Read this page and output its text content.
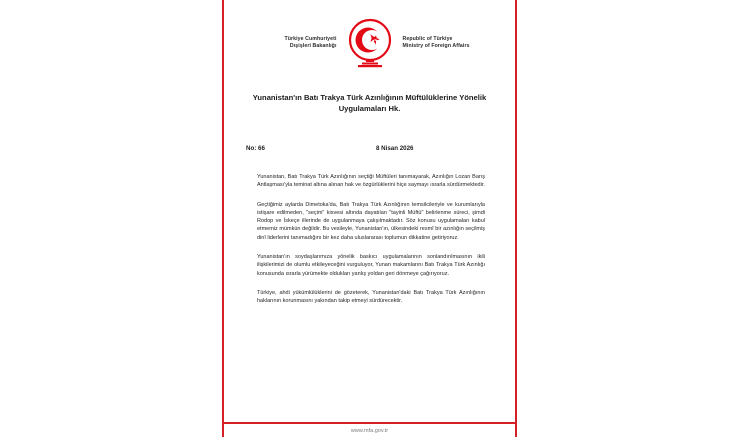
Türkiye Cumhuriyeti
Dışişleri Bakanlığı
Republic of Türkiye
Ministry of Foreign Affairs
Yunanistan'ın Batı Trakya Türk Azınlığının Müftülüklerine Yönelik Uygulamaları Hk.
No: 66	8 Nisan 2026

Yunanistan, Batı Trakya Türk Azınlığının seçtiği Müftüleri tanımayarak, Azınlığın Lozan Barış Antlaşması'yla teminat altına alınan hak ve özgürlüklerini hiçe saymayı ısrarla sürdürmektedir.

Geçtiğimiz aylarda Dimetoka'da, Batı Trakya Türk Azınlığının temsilcileriyle ve kurumlarıyla istişare edilmeden, "seçim" kisvesi altında dayatılan "tayinli Müftü" belirlenme süreci, şimdi Rodop ve İskeçe illerinde de uygulanmaya çalışılmaktadır. Söz konusu uygulamaları kabul etmemiz mümkün değildir. Bu vesileyle, Yunanistan'ın, ülkesindeki resmî bir azınlığın seçilmiş dinî liderlerini tanımadığını bir kez daha uluslararası toplumun dikkatine getiriyoruz.

Yunanistan'ın soydaşlarımıza yönelik baskıcı uygulamalarının sonlandırılmasının ikili ilişkilerimizi de olumlu etkileyeceğini vurguluyor, Yunan makamlarını Batı Trakya Türk Azınlığı konusunda ısrarla yürümekte oldukları yanlış yoldan geri dönmeye çağırıyoruz.

Türkiye, ahdi yükümlülüklerini de gözeterek, Yunanistan'daki Batı Trakya Türk Azınlığının haklarının korunmasını yakından takip etmeyi sürdürecektir.

www.mfa.gov.tr
